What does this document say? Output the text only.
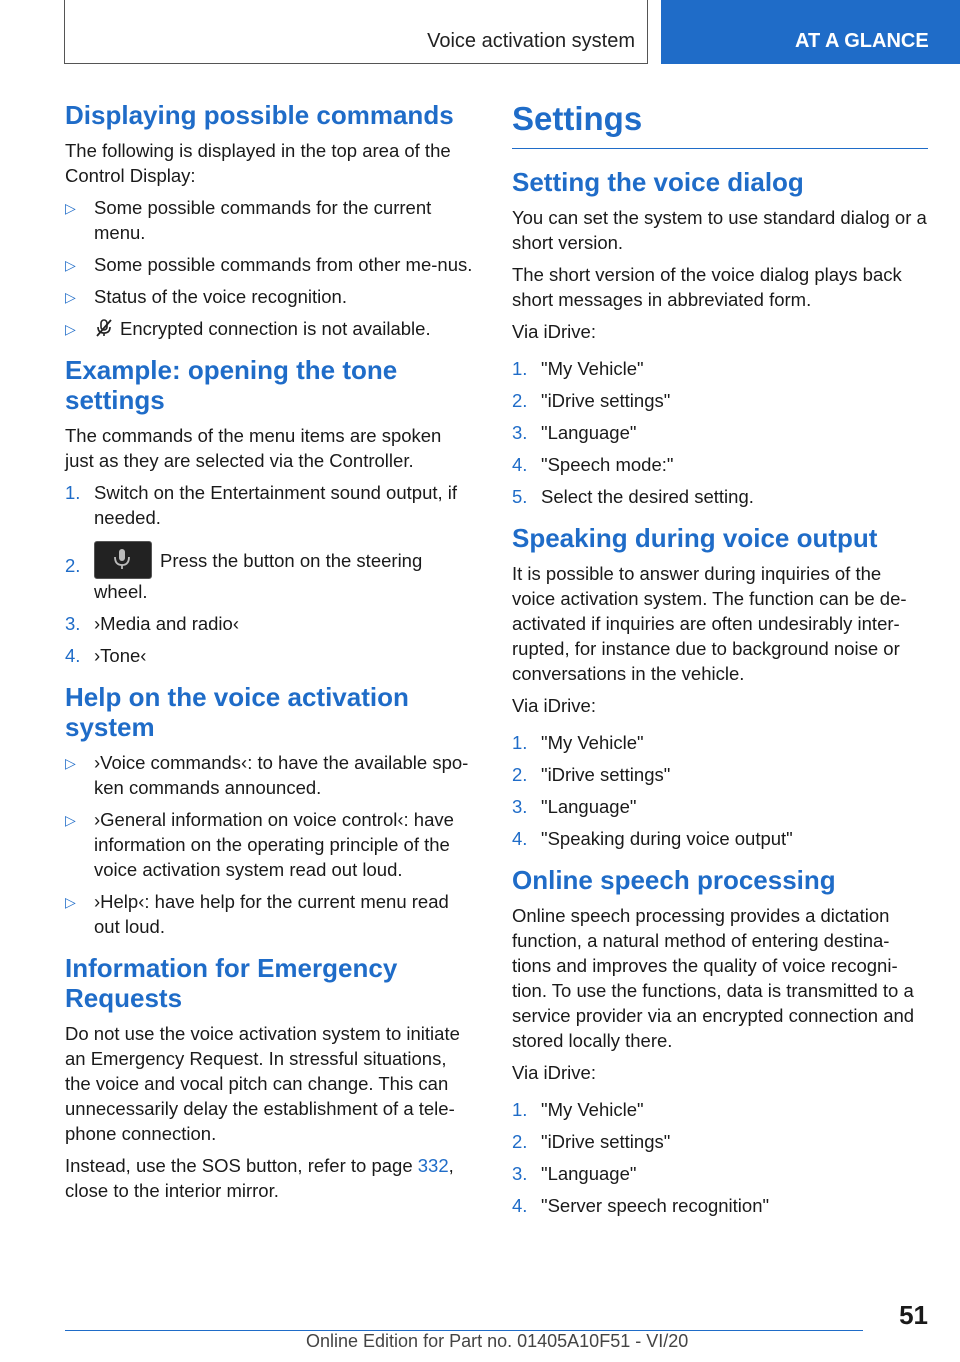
Voice activation system	AT A GLANCE
Displaying possible commands

The following is displayed in the top area of the Control Display:

▷ Some possible commands for the current menu.
▷ Some possible commands from other me-nus.
▷ Status of the voice recognition.
▷ Encrypted connection is not available.
Example: opening the tone settings

The commands of the menu items are spoken just as they are selected via the Controller.

1. Switch on the Entertainment sound output, if needed.
2.	Press the button on the steering wheel.
3. ›Media and radio‹
4. ›Tone‹
Help on the voice activation system
▷ ›Voice commands‹: to have the available spo-ken commands announced.
▷ ›General information on voice control‹: have information on the operating principle of the voice activation system read out loud.
▷ ›Help‹: have help for the current menu read out loud.
Information for Emergency Requests

Do not use the voice activation system to initiate an Emergency Request. In stressful situations, the voice and vocal pitch can change. This can unnecessarily delay the establishment of a tele-phone connection.

Instead, use the SOS button, refer to page 332, close to the interior mirror.

Settings
Setting the voice dialog

You can set the system to use standard dialog or a short version.

The short version of the voice dialog plays back short messages in abbreviated form.

Via iDrive:

1. "My Vehicle"
2. "iDrive settings"
3. "Language"
4. "Speech mode:"
5. Select the desired setting.
Speaking during voice output

It is possible to answer during inquiries of the voice activation system. The function can be de-activated if inquiries are often undesirably inter-rupted, for instance due to background noise or conversations in the vehicle.

Via iDrive:

1. "My Vehicle"
2. "iDrive settings"
3. "Language"
4. "Speaking during voice output"
Online speech processing

Online speech processing provides a dictation function, a natural method of entering destina-tions and improves the quality of voice recogni-tion. To use the functions, data is transmitted to a service provider via an encrypted connection and stored locally there.

Via iDrive:

1. "My Vehicle"
2. "iDrive settings"
3. "Language"
4. "Server speech recognition"
51
Online Edition for Part no. 01405A10F51 - VI/20
